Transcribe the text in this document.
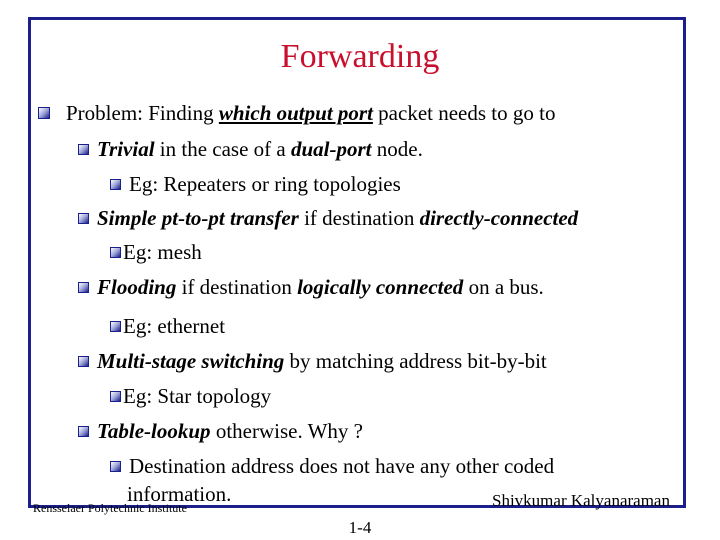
Forwarding
Problem: Finding which output port packet needs to go to
Trivial in the case of a dual-port node.
Eg: Repeaters or ring topologies
Simple pt-to-pt transfer if destination directly-connected
Eg: mesh
Flooding if destination logically connected on a bus.
Eg: ethernet
Multi-stage switching by matching address bit-by-bit
Eg: Star topology
Table-lookup otherwise. Why ?
Destination address does not have any other coded
information.
Rensselaer Polytechnic Institute	Shivkumar Kalyanaraman
1-4
